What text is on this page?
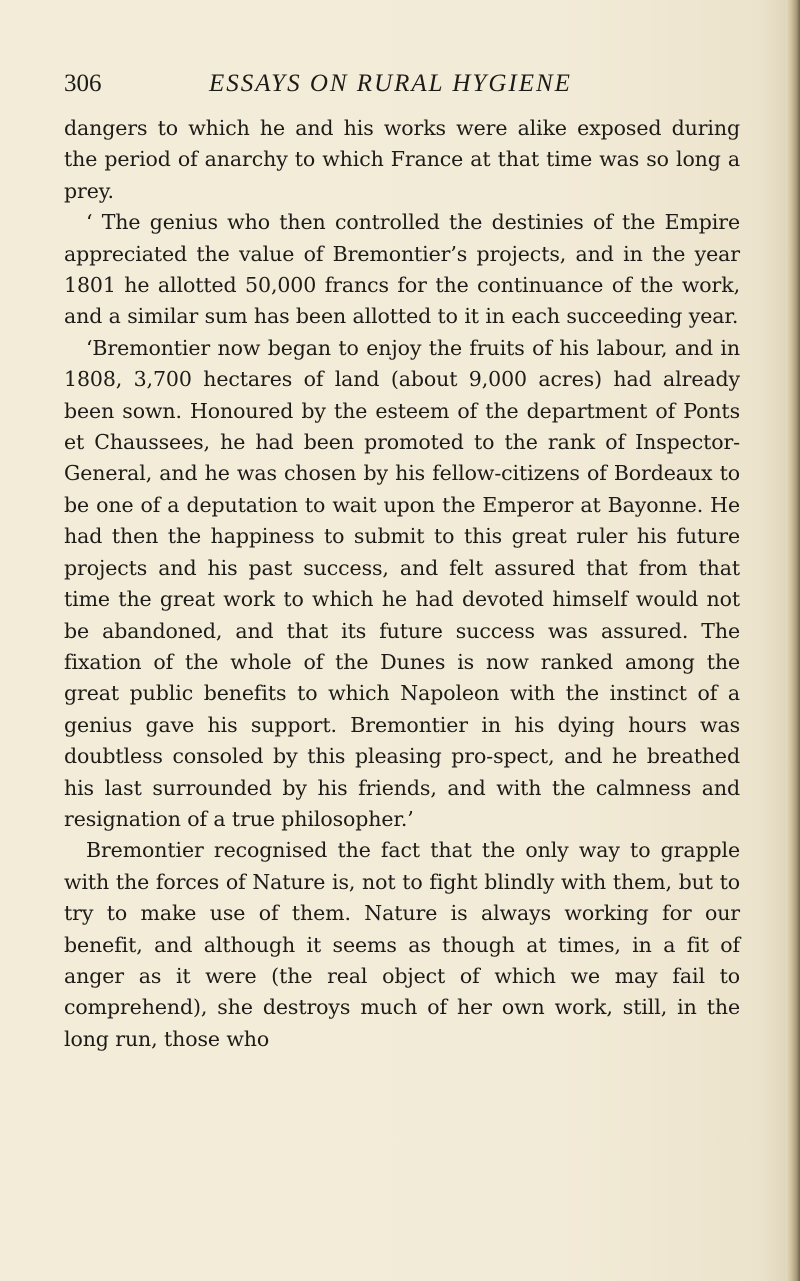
306	ESSAYS ON RURAL HYGIENE

dangers to which he and his works were alike exposed during the period of anarchy to which France at that time was so long a prey.

‘ The genius who then controlled the destinies of the Empire appreciated the value of Bremontier’s projects, and in the year 1801 he allotted 50,000 francs for the continuance of the work, and a similar sum has been allotted to it in each succeeding year.

‘Bremontier now began to enjoy the fruits of his labour, and in 1808, 3,700 hectares of land (about 9,000 acres) had already been sown. Honoured by the esteem of the department of Ponts et Chaussees, he had been promoted to the rank of Inspector-General, and he was chosen by his fellow-citizens of Bordeaux to be one of a deputation to wait upon the Emperor at Bayonne. He had then the happiness to submit to this great ruler his future projects and his past success, and felt assured that from that time the great work to which he had devoted himself would not be abandoned, and that its future success was assured. The fixation of the whole of the Dunes is now ranked among the great public benefits to which Napoleon with the instinct of a genius gave his support. Bremontier in his dying hours was doubtless consoled by this pleasing pro-spect, and he breathed his last surrounded by his friends, and with the calmness and resignation of a true philosopher.’

Bremontier recognised the fact that the only way to grapple with the forces of Nature is, not to fight blindly with them, but to try to make use of them. Nature is always working for our benefit, and although it seems as though at times, in a fit of anger as it were (the real object of which we may fail to comprehend), she destroys much of her own work, still, in the long run, those who
